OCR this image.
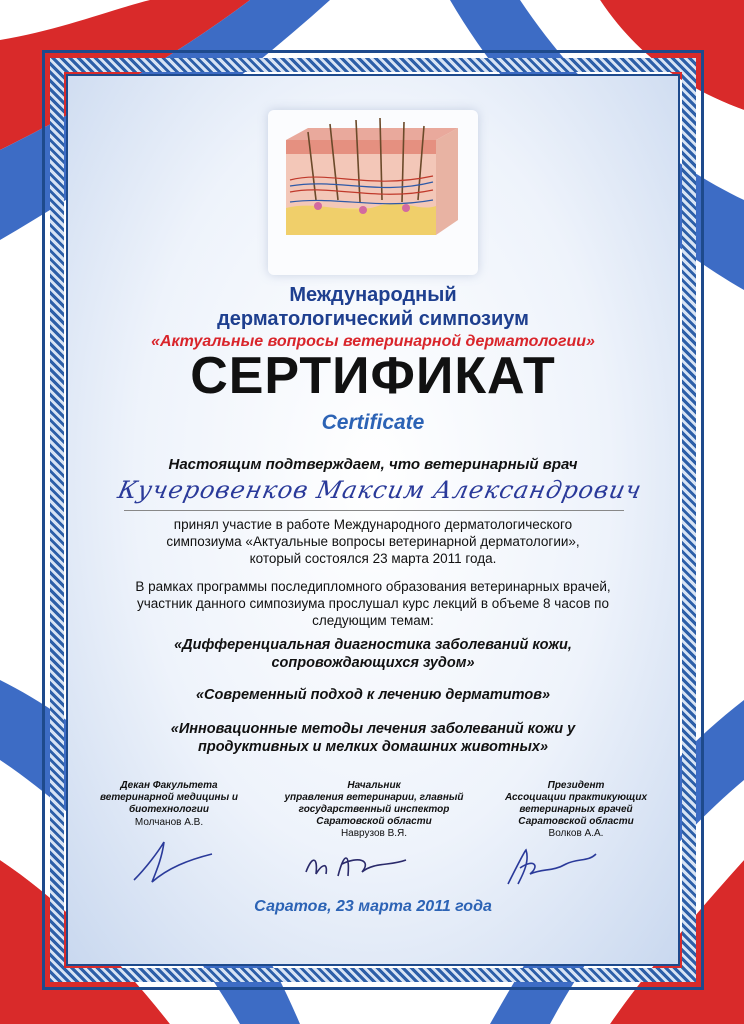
Международный
дерматологический симпозиум
«Актуальные вопросы ветеринарной дерматологии»
СЕРТИФИКАТ
Certificate
Настоящим подтверждаем, что ветеринарный врач
Кучеровенков Максим Александрович
принял участие в работе Международного дерматологического
симпозиума «Актуальные вопросы ветеринарной дерматологии»,
который состоялся 23 марта 2011 года.
В рамках программы последипломного образования ветеринарных врачей,
участник данного симпозиума прослушал курс лекций в объеме 8 часов по
следующим темам:
«Дифференциальная диагностика заболеваний кожи,
сопровождающихся зудом»
«Современный подход к лечению дерматитов»
«Инновационные методы лечения заболеваний кожи у
продуктивных и мелких домашних животных»
Декан Факультета
ветеринарной медицины и
биотехнологии
Молчанов А.В.
Начальник
управления ветеринарии, главный
государственный инспектор
Саратовской области
Наврузов В.Я.
Президент
Ассоциации практикующих
ветеринарных врачей
Саратовской области
Волков А.А.
Саратов, 23 марта 2011 года
